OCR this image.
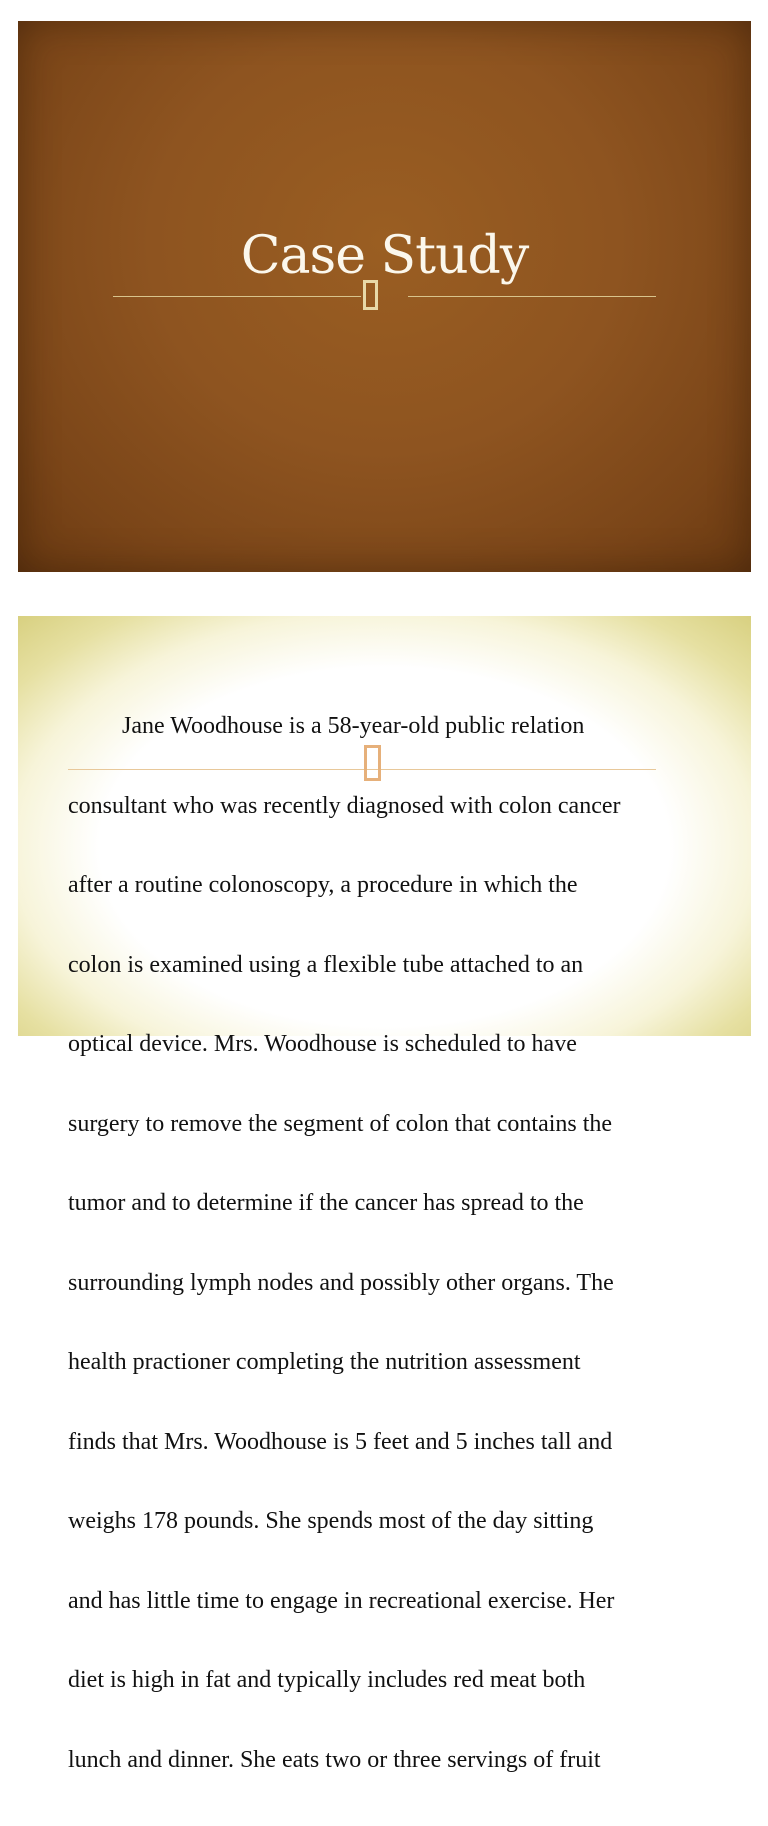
Case Study

Jane Woodhouse is a 58-year-old public relation

consultant who was recently diagnosed with colon cancer

after a routine colonoscopy, a procedure in which the

colon is examined using a flexible tube attached to an

optical device. Mrs. Woodhouse is scheduled to have

surgery to remove the segment of colon that contains the

tumor and to determine if the cancer has spread to the

surrounding lymph nodes and possibly other organs. The

health practioner completing the nutrition assessment

finds that Mrs. Woodhouse is 5 feet and 5 inches tall and

weighs 178 pounds. She spends most of the day sitting

and has little time to engage in recreational exercise. Her

diet is high in fat and typically includes red meat both

lunch and dinner. She eats two or three servings of fruit
